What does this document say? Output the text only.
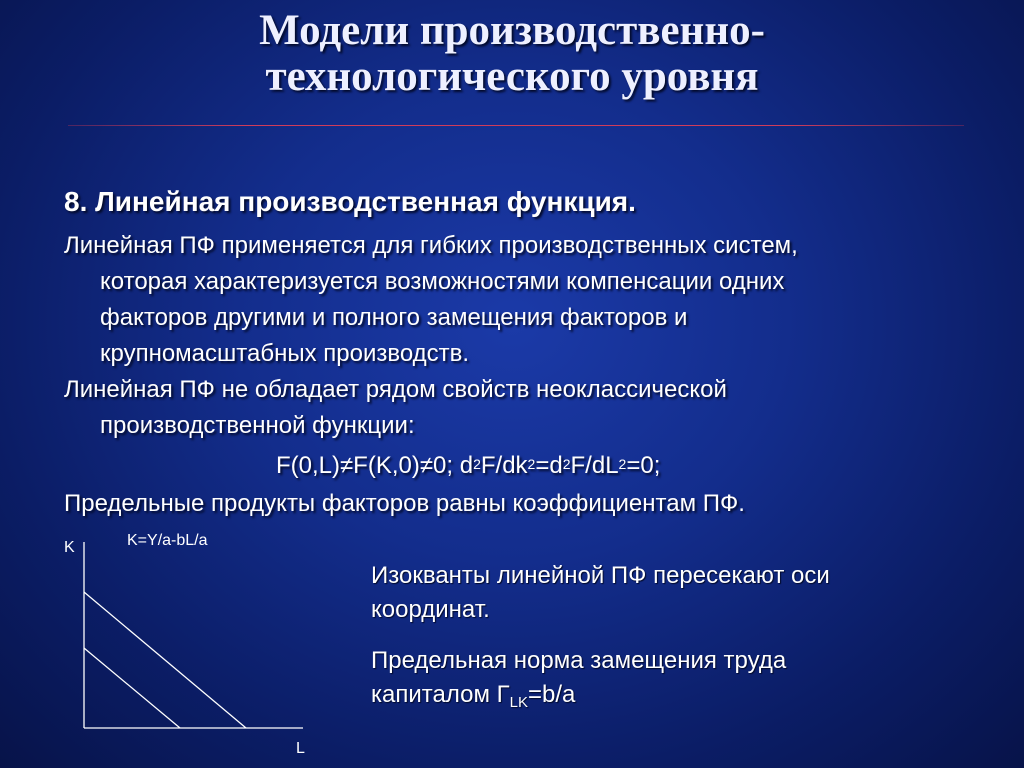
Модели производственно-
технологического уровня
8. Линейная производственная функция.
Линейная ПФ применяется для гибких производственных систем,
которая характеризуется возможностями компенсации одних
факторов другими и полного замещения факторов и
крупномасштабных производств.
Линейная ПФ не обладает рядом свойств неоклассической
производственной функции:
F(0,L)≠F(K,0)≠0; $d^2F/dk^2=d^2F/dL^2=0$;
Предельные продукты факторов равны коэффициентам ПФ.
K	K=Y/a-bL/a
L
Изокванты линейной ПФ пересекают оси
координат.
Предельная норма замещения труда
капиталом $Г_{LK}=b/a$
